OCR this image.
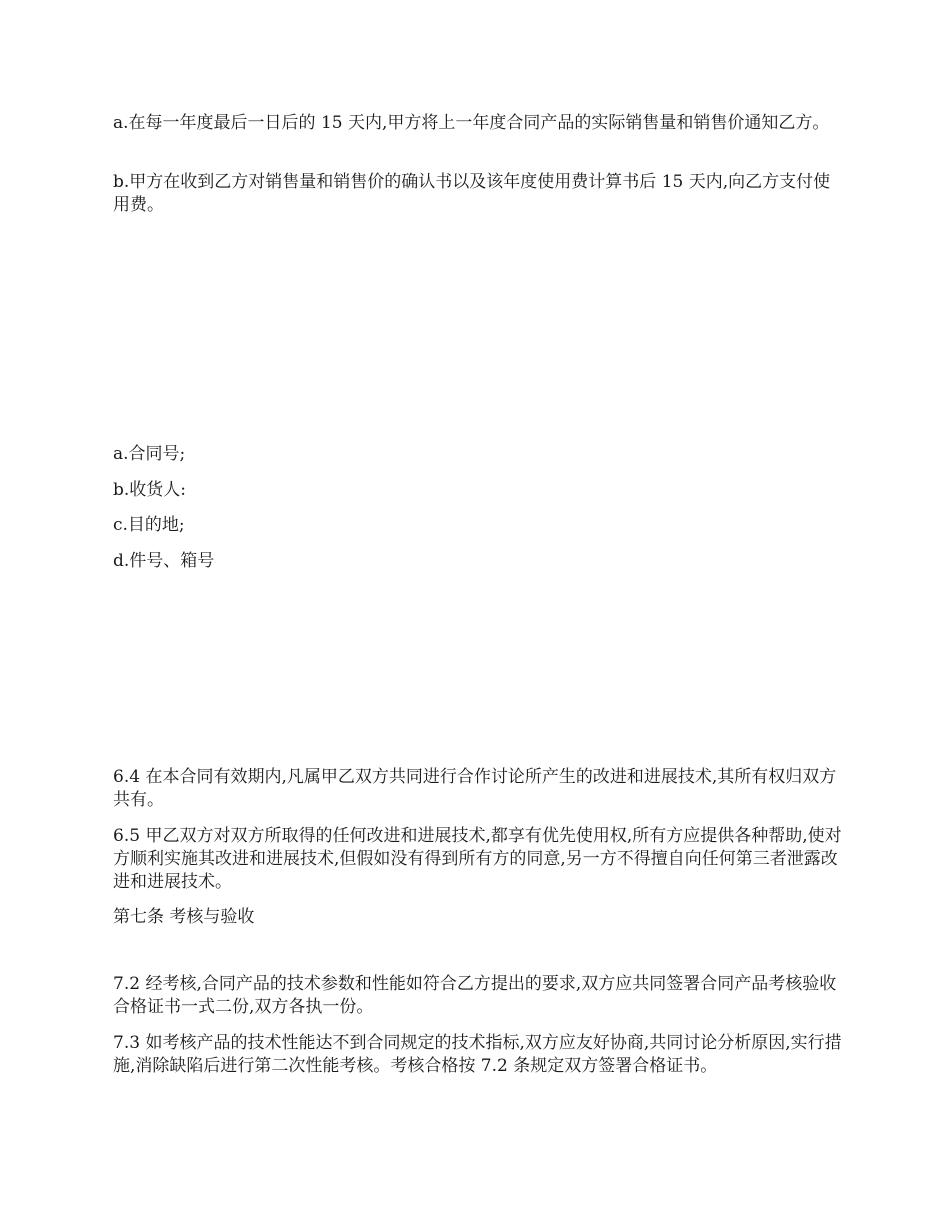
a.在每一年度最后一日后的 15 天内,甲方将上一年度合同产品的实际销售量和销售价通知乙方。

b.甲方在收到乙方对销售量和销售价的确认书以及该年度使用费计算书后 15 天内,向乙方支付使用费。

a.合同号;

b.收货人:

c.目的地;

d.件号、箱号

6.4 在本合同有效期内,凡属甲乙双方共同进行合作讨论所产生的改进和进展技术,其所有权归双方共有。

6.5 甲乙双方对双方所取得的任何改进和进展技术,都享有优先使用权,所有方应提供各种帮助,使对方顺利实施其改进和进展技术,但假如没有得到所有方的同意,另一方不得擅自向任何第三者泄露改进和进展技术。

第七条 考核与验收

7.2 经考核,合同产品的技术参数和性能如符合乙方提出的要求,双方应共同签署合同产品考核验收合格证书一式二份,双方各执一份。

7.3 如考核产品的技术性能达不到合同规定的技术指标,双方应友好协商,共同讨论分析原因,实行措施,消除缺陷后进行第二次性能考核。考核合格按 7.2 条规定双方签署合格证书。
